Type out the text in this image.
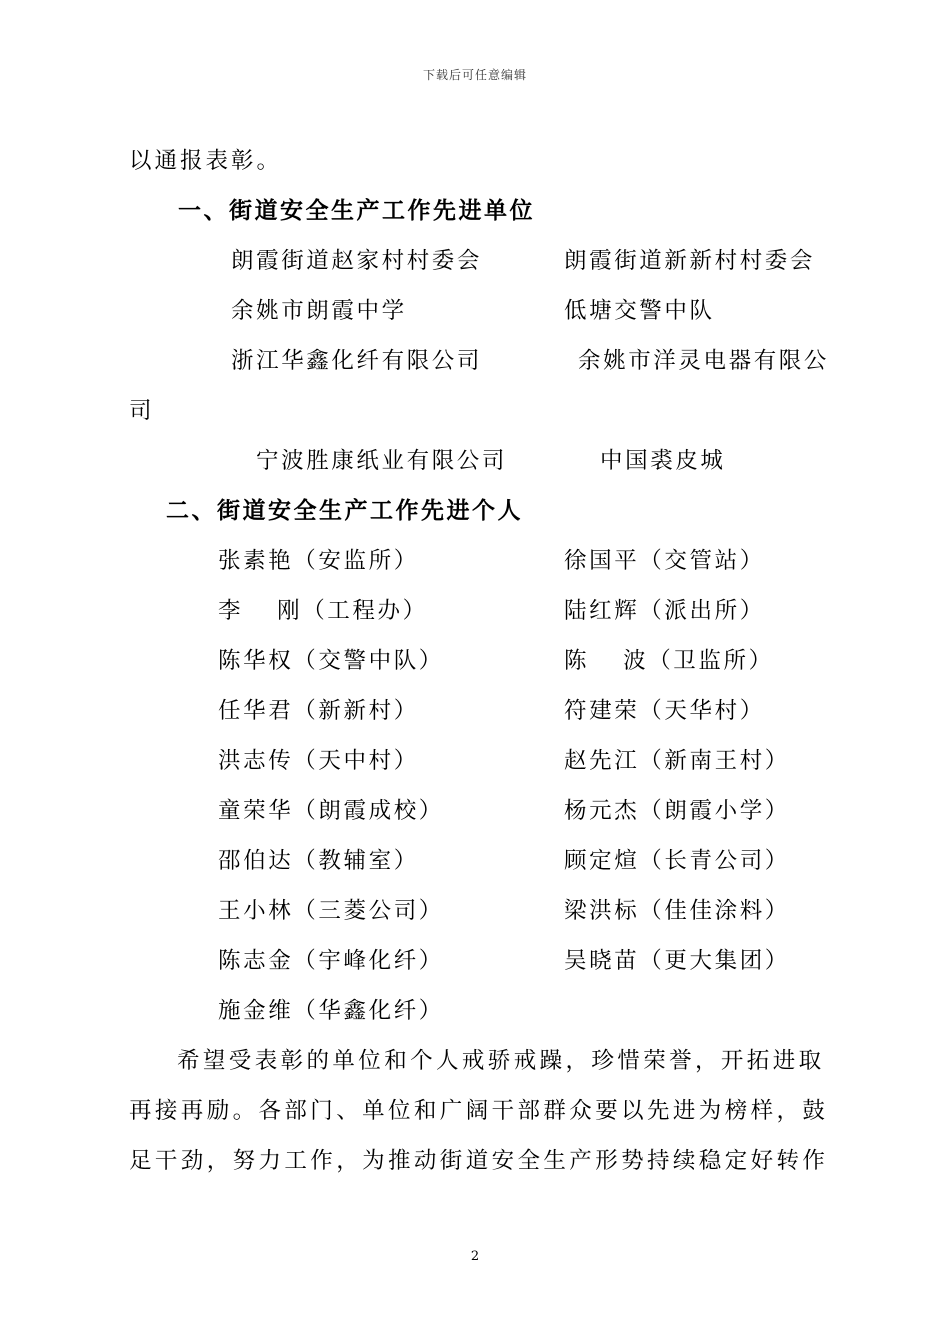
下载后可任意编辑
以通报表彰。
一、街道安全生产工作先进单位
朗霞街道赵家村村委会	朗霞街道新新村村委会
余姚市朗霞中学	低塘交警中队
浙江华鑫化纤有限公司	余姚市洋灵电器有限公
司
宁波胜康纸业有限公司	中国裘皮城
二、街道安全生产工作先进个人
张素艳（安监所）	徐国平（交管站）
李 刚（工程办）	陆红辉（派出所）
陈华权（交警中队）	陈 波（卫监所）
任华君（新新村）	符建荣（天华村）
洪志传（天中村）	赵先江（新南王村）
童荣华（朗霞成校）	杨元杰（朗霞小学）
邵伯达（教辅室）	顾定煊（长青公司）
王小林（三菱公司）	梁洪标（佳佳涂料）
陈志金（宇峰化纤）	吴晓苗（更大集团）
施金维（华鑫化纤）
希望受表彰的单位和个人戒骄戒躁，珍惜荣誉，开拓进取
再接再励。各部门、单位和广阔干部群众要以先进为榜样，鼓
足干劲，努力工作，为推动街道安全生产形势持续稳定好转作
2
